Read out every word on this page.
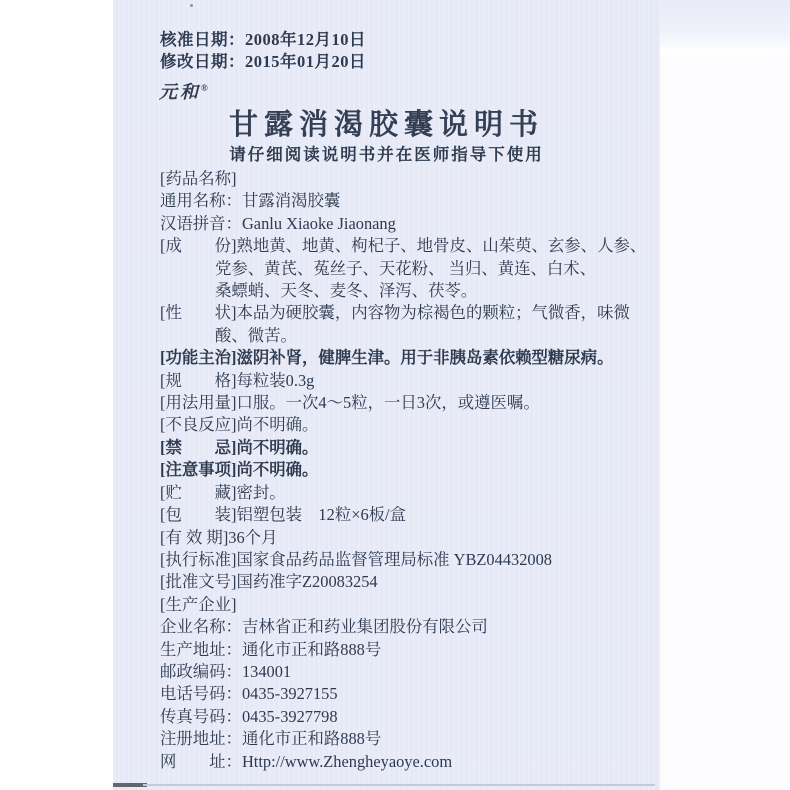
核准日期：2008年12月10日
修改日期：2015年01月20日
元和®
甘露消渴胶囊说明书
请仔细阅读说明书并在医师指导下使用
[药品名称]
通用名称：甘露消渴胶囊
汉语拼音：Ganlu Xiaoke Jiaonang
[成　　份]熟地黄、地黄、枸杞子、地骨皮、山茱萸、玄参、人参、
党参、黄芪、菟丝子、天花粉、 当归、黄连、白术、
桑螵蛸、天冬、麦冬、泽泻、茯苓。
[性　　状]本品为硬胶囊，内容物为棕褐色的颗粒；气微香，味微
酸、微苦。
[功能主治]滋阴补肾，健脾生津。用于非胰岛素依赖型糖尿病。
[规　　格]每粒装0.3g
[用法用量]口服。一次4～5粒，一日3次，或遵医嘱。
[不良反应]尚不明确。
[禁　　忌]尚不明确。
[注意事项]尚不明确。
[贮　　藏]密封。
[包　　装]铝塑包装　12粒×6板/盒
[有 效 期]36个月
[执行标准]国家食品药品监督管理局标准 YBZ04432008
[批准文号]国药准字Z20083254
[生产企业]
企业名称：吉林省正和药业集团股份有限公司
生产地址：通化市正和路888号
邮政编码：134001
电话号码：0435-3927155
传真号码：0435-3927798
注册地址：通化市正和路888号
网　　址：Http://www.Zhengheyaoye.com
